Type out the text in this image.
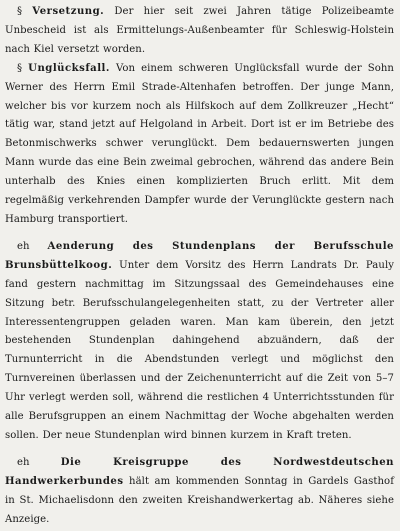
§ Versetzung. Der hier seit zwei Jahren tätige Polizeibeamte Unbescheid ist als Ermittelungs-Außenbeamter für Schleswig-Holstein nach Kiel versetzt worden.

§ Unglücksfall. Von einem schweren Unglücksfall wurde der Sohn Werner des Herrn Emil Strade-Altenhafen betroffen. Der junge Mann, welcher bis vor kurzem noch als Hilfskoch auf dem Zollkreuzer „Hecht“ tätig war, stand jetzt auf Helgoland in Arbeit. Dort ist er im Betriebe des Betonmischwerks schwer verunglückt. Dem bedauernswerten jungen Mann wurde das eine Bein zweimal gebrochen, während das andere Bein unterhalb des Knies einen komplizierten Bruch erlitt. Mit dem regelmäßig verkehrenden Dampfer wurde der Verunglückte gestern nach Hamburg transportiert.

eh Aenderung des Stundenplans der Berufsschule Brunsbüttelkoog. Unter dem Vorsitz des Herrn Landrats Dr. Pauly fand gestern nachmittag im Sitzungssaal des Gemeindehauses eine Sitzung betr. Berufsschulangelegenheiten statt, zu der Vertreter aller Interessentengruppen geladen waren. Man kam überein, den jetzt bestehenden Stundenplan dahingehend abzuändern, daß der Turnunterricht in die Abendstunden verlegt und möglichst den Turnvereinen überlassen und der Zeichenunterricht auf die Zeit von 5–7 Uhr verlegt werden soll, während die restlichen 4 Unterrichtsstunden für alle Berufsgruppen an einem Nachmittag der Woche abgehalten werden sollen. Der neue Stundenplan wird binnen kurzem in Kraft treten.

eh	Die Kreisgruppe des Nordwestdeutschen Handwerkerbundes hält am kommenden Sonntag in Gardels Gasthof in St. Michaelisdonn den zweiten Kreishandwerkertag ab. Näheres siehe Anzeige.
